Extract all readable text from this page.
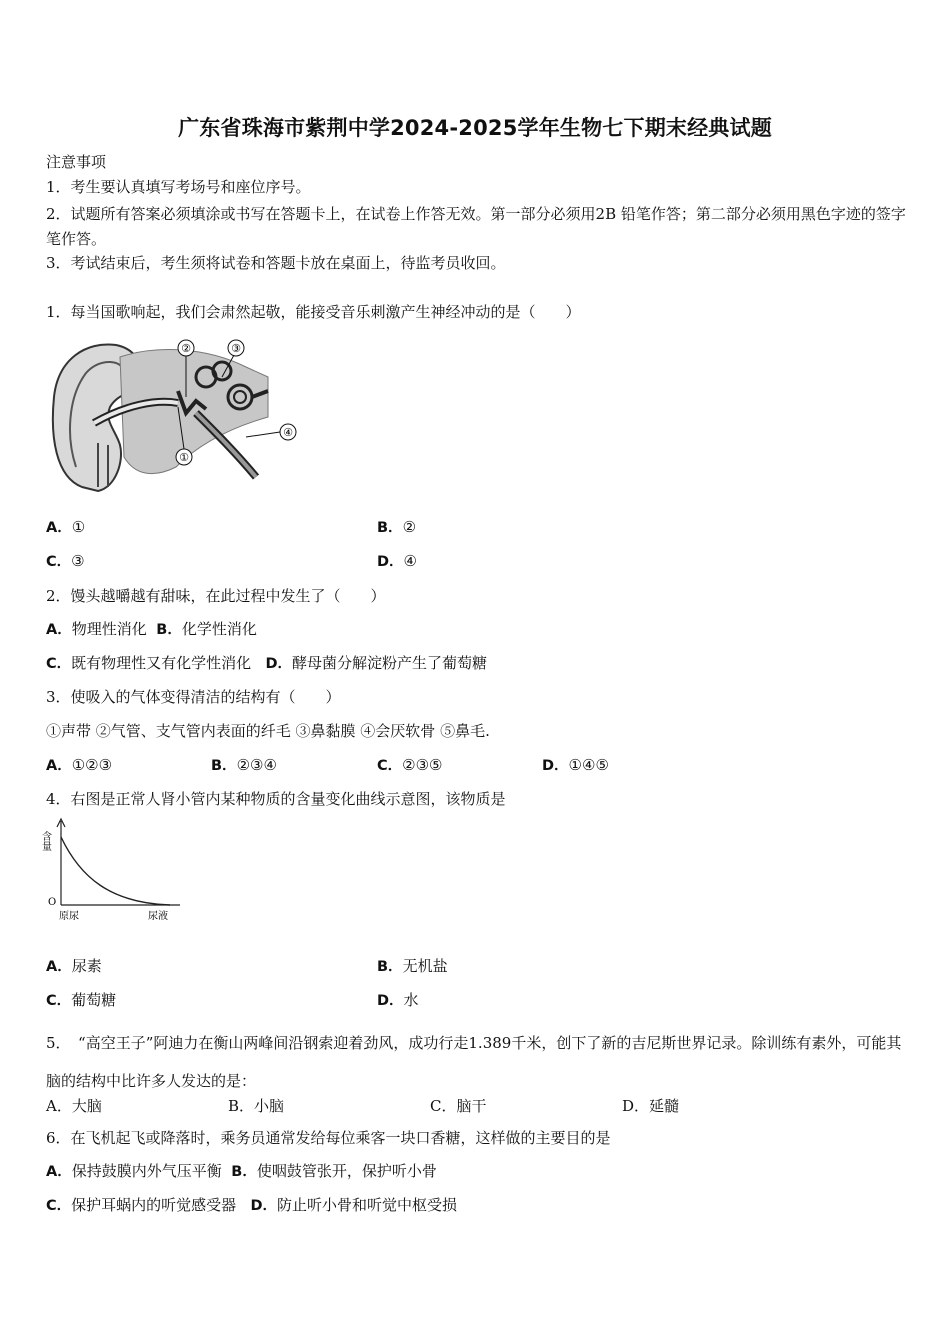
广东省珠海市紫荆中学2024-2025学年生物七下期末经典试题
注意事项
1．考生要认真填写考场号和座位序号。
2．试题所有答案必须填涂或书写在答题卡上，在试卷上作答无效。第一部分必须用2B 铅笔作答；第二部分必须用黑色字迹的签字笔作答。
3．考试结束后，考生须将试卷和答题卡放在桌面上，待监考员收回。
1．每当国歌响起，我们会肃然起敬，能接受音乐刺激产生神经冲动的是（　　）
②	③
④
①
A．①	B．②
C．③	D．④
2．馒头越嚼越有甜味，在此过程中发生了（　　）
A．物理性消化 B．化学性消化
C．既有物理性又有化学性消化 D．酵母菌分解淀粉产生了葡萄糖
3．使吸入的气体变得清洁的结构有（　　）
①声带 ②气管、支气管内表面的纤毛 ③鼻黏膜 ④会厌软骨 ⑤鼻毛.
A．①②③	B．②③④	C．②③⑤	D．①④⑤
4．右图是正常人肾小管内某种物质的含量变化曲线示意图，该物质是
含量
O
原尿	尿液
A．尿素	B．无机盐
C．葡萄糖	D．水
5．　“高空王子”阿迪力在衡山两峰间沿钢索迎着劲风，成功行走1.389千米，创下了新的吉尼斯世界记录。除训练有素外，可能其脑的结构中比许多人发达的是：
A．大脑	B．小脑	C．脑干	D．延髓
6．在飞机起飞或降落时，乘务员通常发给每位乘客一块口香糖，这样做的主要目的是
A．保持鼓膜内外气压平衡 B．使咽鼓管张开，保护听小骨
C．保护耳蜗内的听觉感受器 D．防止听小骨和听觉中枢受损
